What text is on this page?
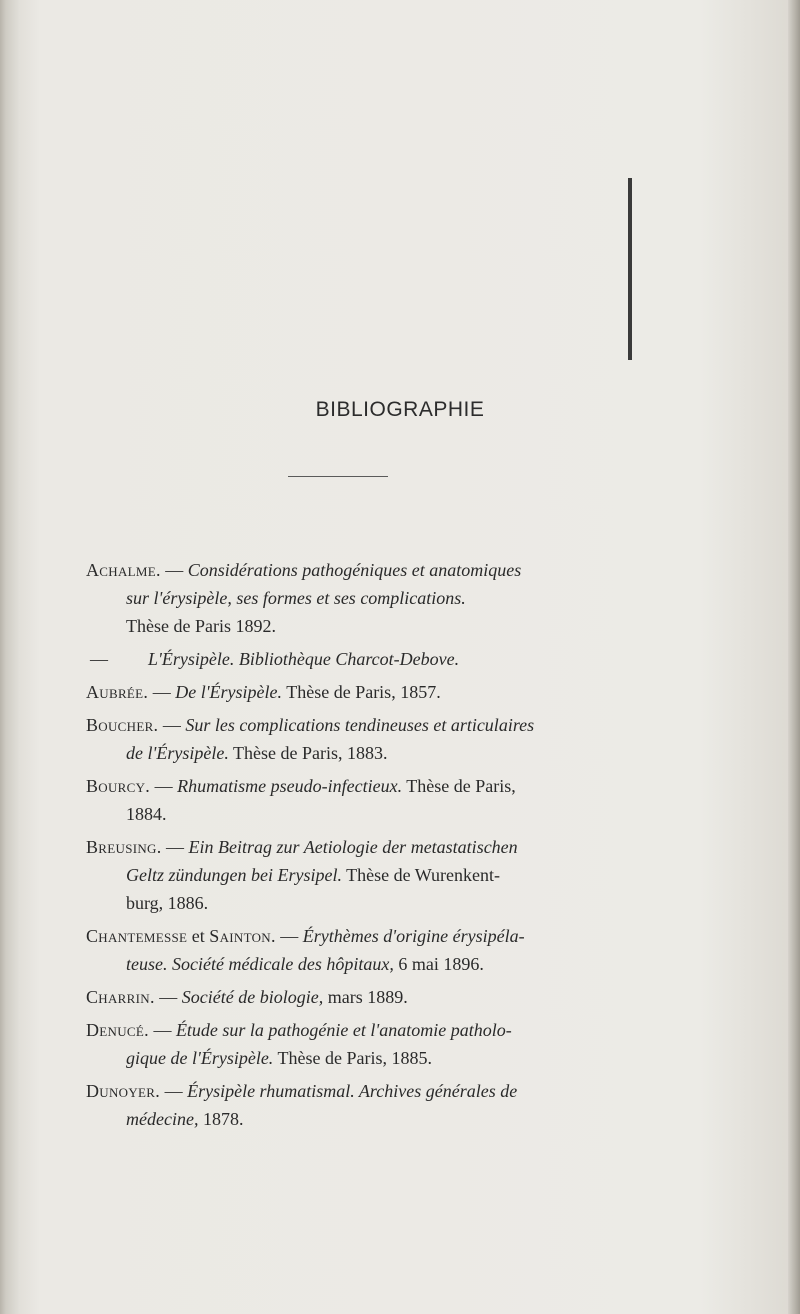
BIBLIOGRAPHIE
Achalme. — Considérations pathogéniques et anatomiques
sur l'érysipèle, ses formes et ses complications.
Thèse de Paris 1892.
— L'Érysipèle. Bibliothèque Charcot-Debove.
Aubrée. — De l'Érysipèle. Thèse de Paris, 1857.
Boucher. — Sur les complications tendineuses et articulaires
de l'Érysipèle. Thèse de Paris, 1883.
Bourcy. — Rhumatisme pseudo-infectieux. Thèse de Paris,
1884.
Breusing. — Ein Beitrag zur Aetiologie der metastatischen
Geltz zündungen bei Erysipel. Thèse de Wurenkent-
burg, 1886.
Chantemesse et Sainton. — Érythèmes d'origine érysipéla-
teuse. Société médicale des hôpitaux, 6 mai 1896.
Charrin. — Société de biologie, mars 1889.
Denucé. — Étude sur la pathogénie et l'anatomie patholo-
gique de l'Érysipèle. Thèse de Paris, 1885.
Dunoyer. — Érysipèle rhumatismal. Archives générales de
médecine, 1878.
